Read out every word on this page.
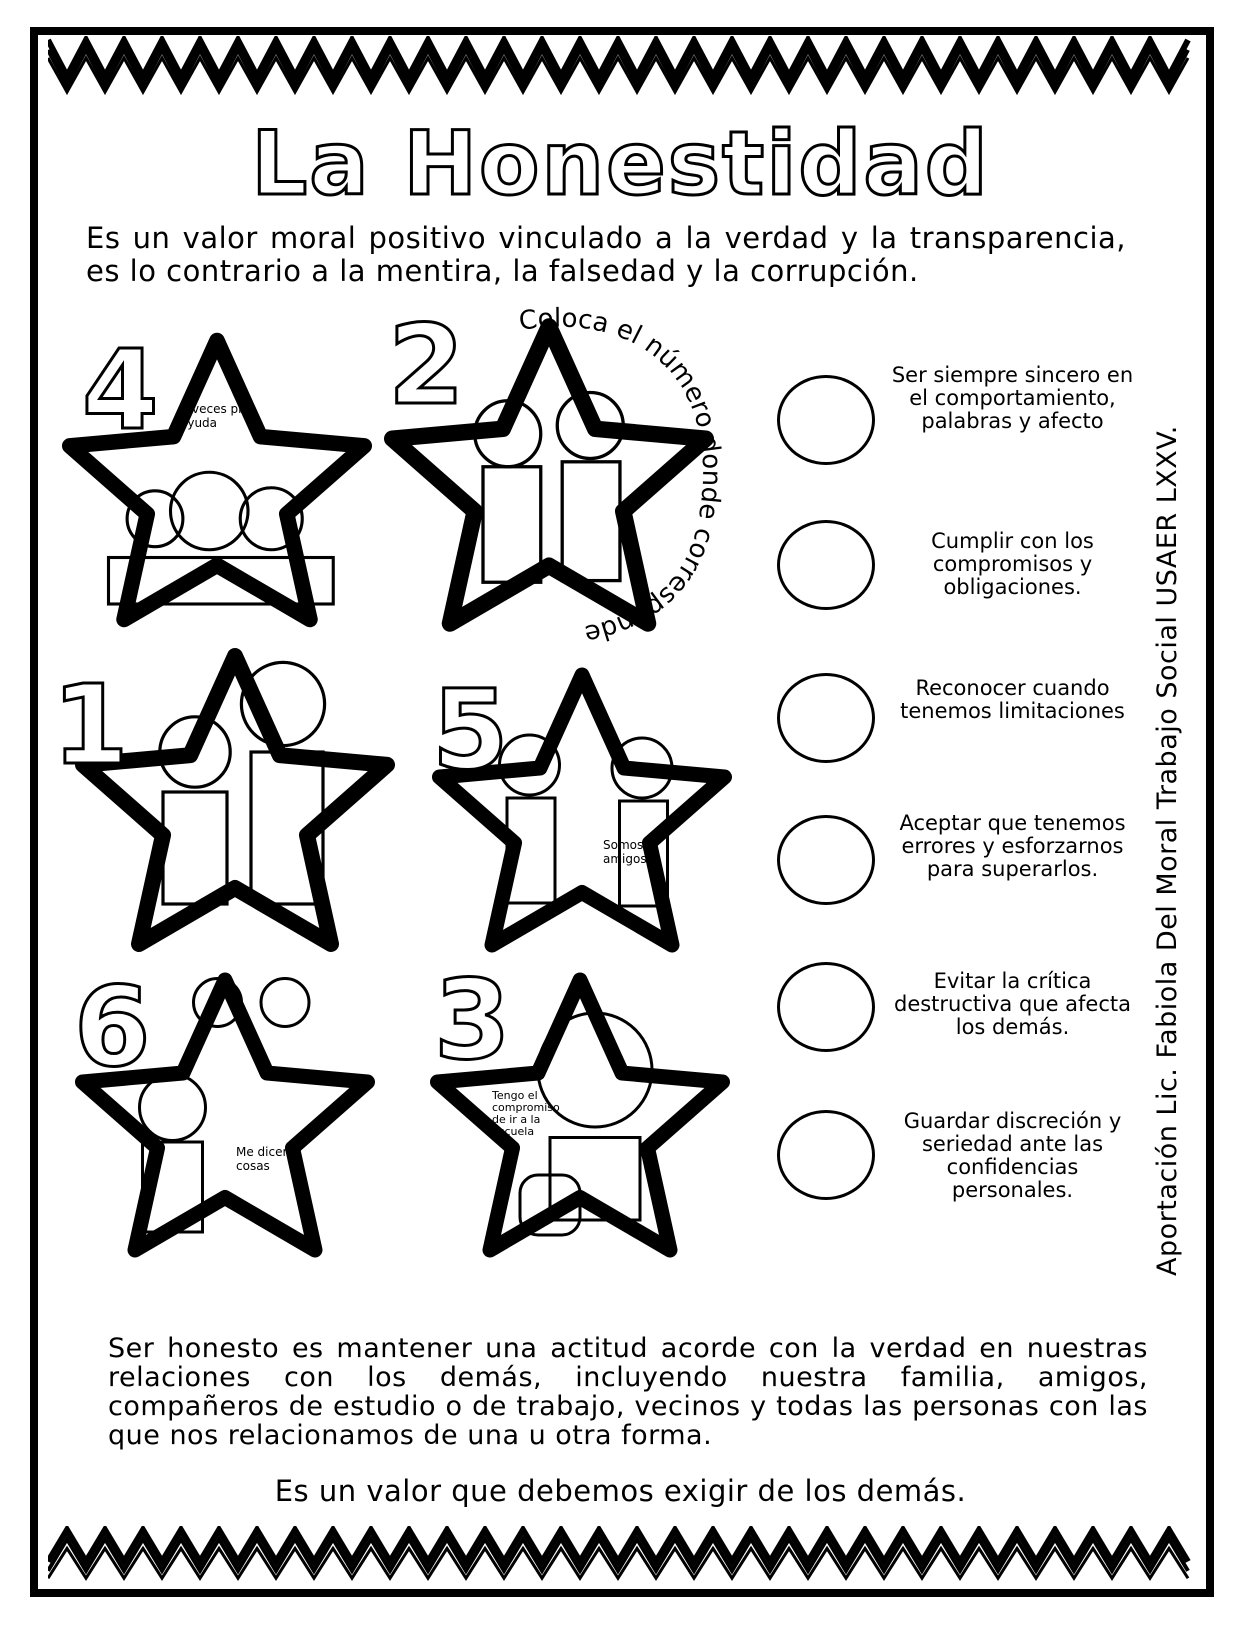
La Honestidad
Es un valor moral positivo vinculado a la verdad y la transparencia, es lo contrario a la mentira, la falsedad y la corrupción.
4 A veces pido ayuda	2 Coloca el número donde corresponde
1	5
Somos amigos
6
Me dicen cosas
3
Tengo el compromiso de ir a la escuela
Ser siempre sincero en el comportamiento, palabras y afecto
Cumplir con los compromisos y obligaciones.
Reconocer cuando tenemos limitaciones
Aceptar que tenemos errores y esforzarnos para superarlos.
Evitar la crítica destructiva que afecta los demás.
Guardar discreción y seriedad ante las confidencias personales.	Aportación Lic. Fabiola Del Moral Trabajo Social USAER LXXV.
Ser honesto es mantener una actitud acorde con la verdad en nuestras relaciones con los demás, incluyendo nuestra familia, amigos, compañeros de estudio o de trabajo, vecinos y todas las personas con las que nos relacionamos de una u otra forma.
Es un valor que debemos exigir de los demás.
